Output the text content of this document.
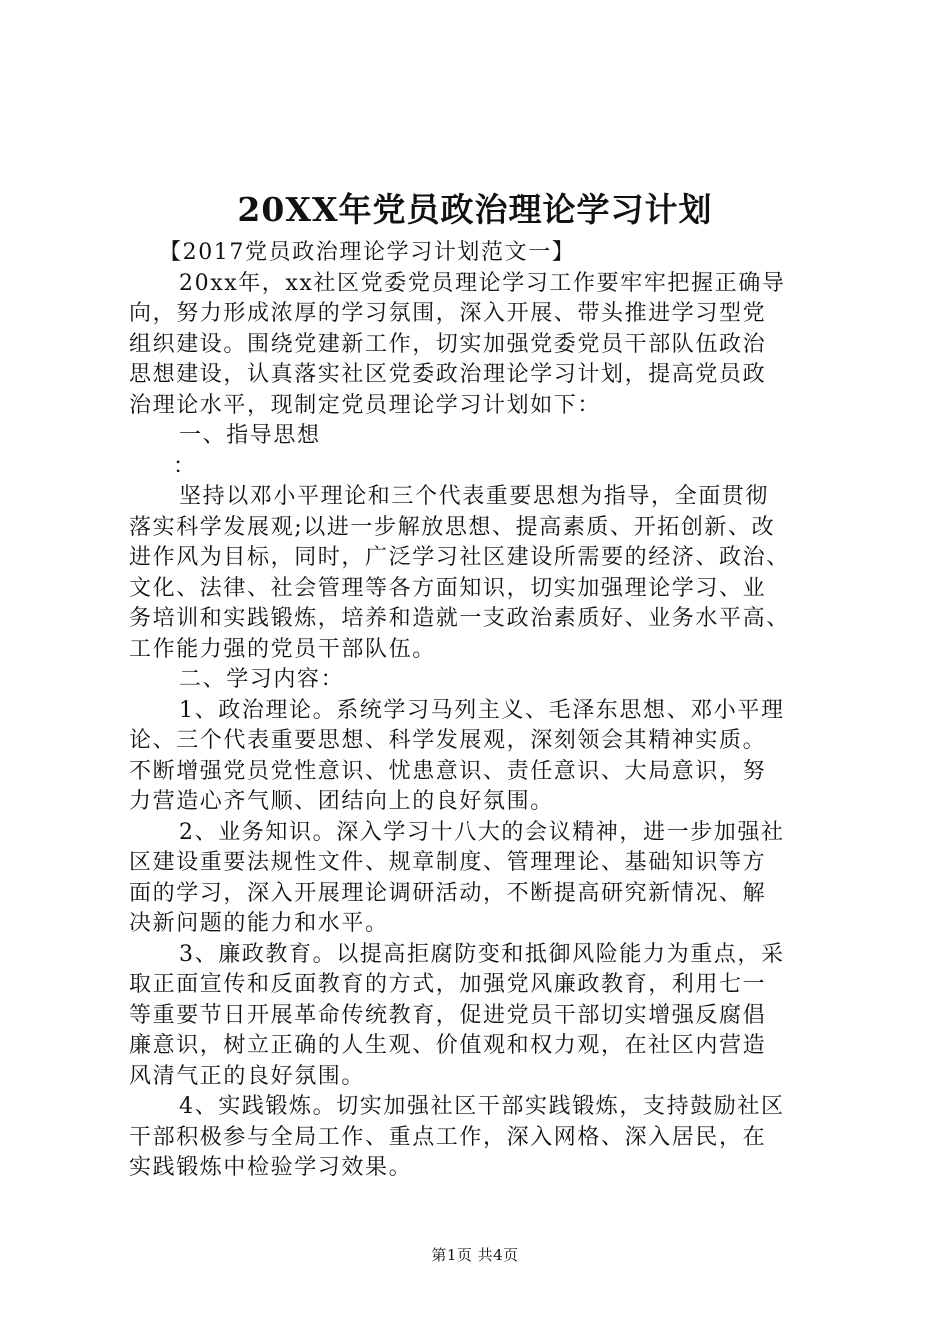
20XX年党员政治理论学习计划
【2017党员政治理论学习计划范文一】
20xx年，xx社区党委党员理论学习工作要牢牢把握正确导
向，努力形成浓厚的学习氛围，深入开展、带头推进学习型党
组织建设。围绕党建新工作，切实加强党委党员干部队伍政治
思想建设，认真落实社区党委政治理论学习计划，提高党员政
治理论水平，现制定党员理论学习计划如下：
一、指导思想
：
坚持以邓小平理论和三个代表重要思想为指导，全面贯彻
落实科学发展观;以进一步解放思想、提高素质、开拓创新、改
进作风为目标，同时，广泛学习社区建设所需要的经济、政治、
文化、法律、社会管理等各方面知识，切实加强理论学习、业
务培训和实践锻炼，培养和造就一支政治素质好、业务水平高、
工作能力强的党员干部队伍。
二、学习内容：
1、政治理论。系统学习马列主义、毛泽东思想、邓小平理
论、三个代表重要思想、科学发展观，深刻领会其精神实质。
不断增强党员党性意识、忧患意识、责任意识、大局意识，努
力营造心齐气顺、团结向上的良好氛围。
2、业务知识。深入学习十八大的会议精神，进一步加强社
区建设重要法规性文件、规章制度、管理理论、基础知识等方
面的学习，深入开展理论调研活动，不断提高研究新情况、解
决新问题的能力和水平。
3、廉政教育。以提高拒腐防变和抵御风险能力为重点，采
取正面宣传和反面教育的方式，加强党风廉政教育，利用七一
等重要节日开展革命传统教育，促进党员干部切实增强反腐倡
廉意识，树立正确的人生观、价值观和权力观，在社区内营造
风清气正的良好氛围。
4、实践锻炼。切实加强社区干部实践锻炼，支持鼓励社区
干部积极参与全局工作、重点工作，深入网格、深入居民，在
实践锻炼中检验学习效果。
第1页 共4页
